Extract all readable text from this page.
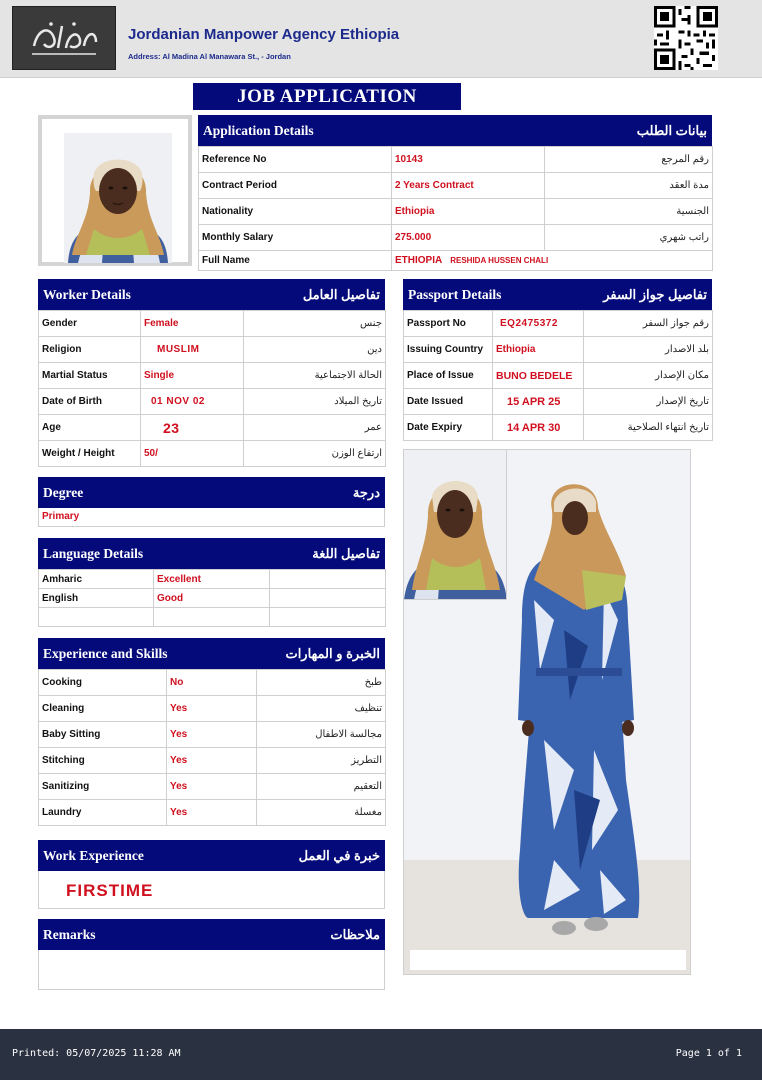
Jordanian Manpower Agency Ethiopia
Address: Al Madina Al Manawara St., - Jordan
JOB APPLICATION
Application Details	بيانات الطلب
Reference No	10143	رقم المرجع
Contract Period	2 Years Contract	مدة العقد
Nationality	Ethiopia	الجنسية
Monthly Salary	275.000	راتب شهري
Full Name	ETHIOPIA RESHIDA HUSSEN CHALI	
Worker Details	تفاصيل العامل
Gender	Female	جنس
Religion	MUSLIM	دين
Martial Status	Single	الحالة الاجتماعية
Date of Birth	01 NOV 02	تاريخ الميلاد
Age	23	عمر
Weight / Height	50/	ارتفاع الوزن
Passport Details	تفاصيل جواز السفر
Passport No	EQ2475372	رقم جواز السفر
Issuing Country	Ethiopia	بلد الاصدار
Place of Issue	BUNO BEDELE	مكان الإصدار
Date Issued	15 APR 25	تاريخ الإصدار
Date Expiry	14 APR 30	تاريخ انتهاء الصلاحية
Degree	درجة
Primary
Language Details	تفاصيل اللغة
Amharic	Excellent	
English	Good	

Experience and Skills	الخبرة و المهارات
Cooking	No	طبخ
Cleaning	Yes	تنظيف
Baby Sitting	Yes	مجالسة الاطفال
Stitching	Yes	التطريز
Sanitizing	Yes	التعقيم
Laundry	Yes	مغسلة
Work Experience	خبرة في العمل
FIRSTIME
Remarks	ملاحظات
Printed: 05/07/2025 11:28 AM	Page 1 of 1
